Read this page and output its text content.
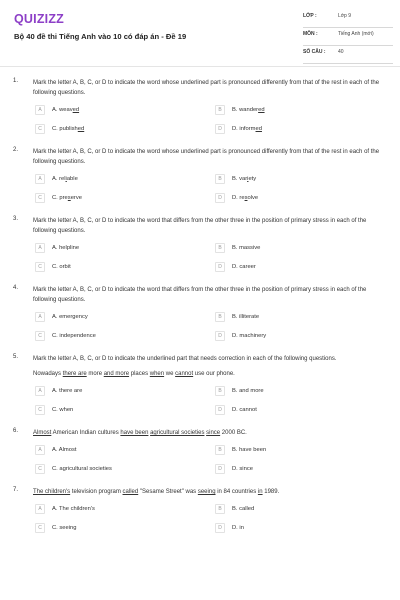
QUIZIZZ
Bộ 40 đề thi Tiếng Anh vào 10 có đáp án - Đề 19
LỚP :	Lớp 9
MÔN :	Tiếng Anh (mới)
SỐ CÂU :	40
1. Mark the letter A, B, C, or D to indicate the word whose underlined part is pronounced differently from that of the rest in each of the following questions.
A	A. weaved	B	B. wandered
C	C. published	D	D. informed
2. Mark the letter A, B, C, or D to indicate the word whose underlined part is pronounced differently from that of the rest in each of the following questions.
A	A. reliable	B	B. variety
C	C. preserve	D	D. resolve
3. Mark the letter A, B, C, or D to indicate the word that differs from the other three in the position of primary stress in each of the following questions.
A	A. helpline	B	B. massive
C	C. orbit	D	D. career
4. Mark the letter A, B, C, or D to indicate the word that differs from the other three in the position of primary stress in each of the following questions.
A	A. emergency	B	B. illiterate
C	C. independence	D	D. machinery
5. Mark the letter A, B, C, or D to indicate the underlined part that needs correction in each of the following questions.
Nowadays there are more and more places when we cannot use our phone.
A	A. there are	B	B. and more
C	C. when	D	D. cannot
6. Almost American Indian cultures have been agricultural societies since 2000 BC.
A	A. Almost	B	B. have been
C	C. agricultural societies	D	D. since
7. The children's television program called "Sesame Street" was seeing in 84 countries in 1989.
A	A. The children's	B	B. called
C	C. seeing	D	D. in
